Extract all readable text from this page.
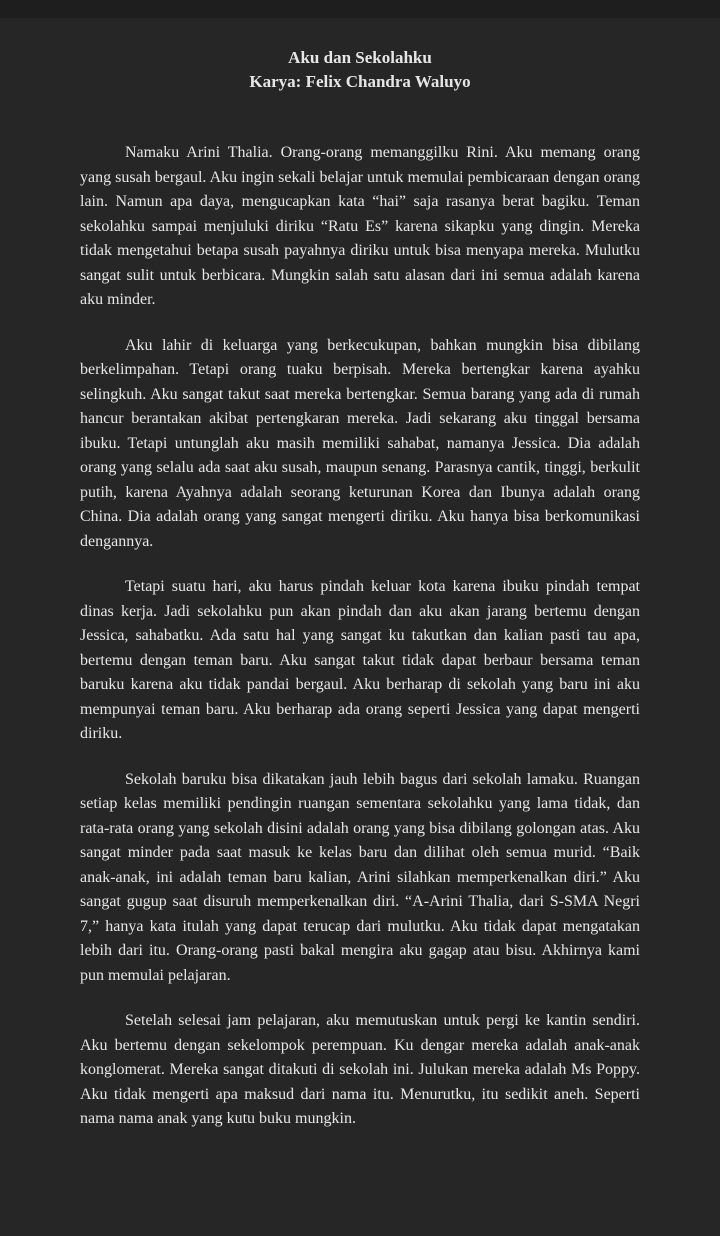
Aku dan Sekolahku
Karya: Felix Chandra Waluyo

Namaku Arini Thalia. Orang-orang memanggilku Rini. Aku memang orang yang susah bergaul. Aku ingin sekali belajar untuk memulai pembicaraan dengan orang lain. Namun apa daya, mengucapkan kata “hai” saja rasanya berat bagiku. Teman sekolahku sampai menjuluki diriku “Ratu Es” karena sikapku yang dingin. Mereka tidak mengetahui betapa susah payahnya diriku untuk bisa menyapa mereka. Mulutku sangat sulit untuk berbicara. Mungkin salah satu alasan dari ini semua adalah karena aku minder.

Aku lahir di keluarga yang berkecukupan, bahkan mungkin bisa dibilang berkelimpahan. Tetapi orang tuaku berpisah. Mereka bertengkar karena ayahku selingkuh. Aku sangat takut saat mereka bertengkar. Semua barang yang ada di rumah hancur berantakan akibat pertengkaran mereka. Jadi sekarang aku tinggal bersama ibuku. Tetapi untunglah aku masih memiliki sahabat, namanya Jessica. Dia adalah orang yang selalu ada saat aku susah, maupun senang. Parasnya cantik, tinggi, berkulit putih, karena Ayahnya adalah seorang keturunan Korea dan Ibunya adalah orang China. Dia adalah orang yang sangat mengerti diriku. Aku hanya bisa berkomunikasi dengannya.

Tetapi suatu hari, aku harus pindah keluar kota karena ibuku pindah tempat dinas kerja. Jadi sekolahku pun akan pindah dan aku akan jarang bertemu dengan Jessica, sahabatku. Ada satu hal yang sangat ku takutkan dan kalian pasti tau apa, bertemu dengan teman baru. Aku sangat takut tidak dapat berbaur bersama teman baruku karena aku tidak pandai bergaul. Aku berharap di sekolah yang baru ini aku mempunyai teman baru. Aku berharap ada orang seperti Jessica yang dapat mengerti diriku.

Sekolah baruku bisa dikatakan jauh lebih bagus dari sekolah lamaku. Ruangan setiap kelas memiliki pendingin ruangan sementara sekolahku yang lama tidak, dan rata-rata orang yang sekolah disini adalah orang yang bisa dibilang golongan atas. Aku sangat minder pada saat masuk ke kelas baru dan dilihat oleh semua murid. “Baik anak-anak, ini adalah teman baru kalian, Arini silahkan memperkenalkan diri.” Aku sangat gugup saat disuruh memperkenalkan diri. “A-Arini Thalia, dari S-SMA Negri 7,” hanya kata itulah yang dapat terucap dari mulutku. Aku tidak dapat mengatakan lebih dari itu. Orang-orang pasti bakal mengira aku gagap atau bisu. Akhirnya kami pun memulai pelajaran.

Setelah selesai jam pelajaran, aku memutuskan untuk pergi ke kantin sendiri. Aku bertemu dengan sekelompok perempuan. Ku dengar mereka adalah anak-anak konglomerat. Mereka sangat ditakuti di sekolah ini. Julukan mereka adalah Ms Poppy. Aku tidak mengerti apa maksud dari nama itu. Menurutku, itu sedikit aneh. Seperti nama nama anak yang kutu buku mungkin.
